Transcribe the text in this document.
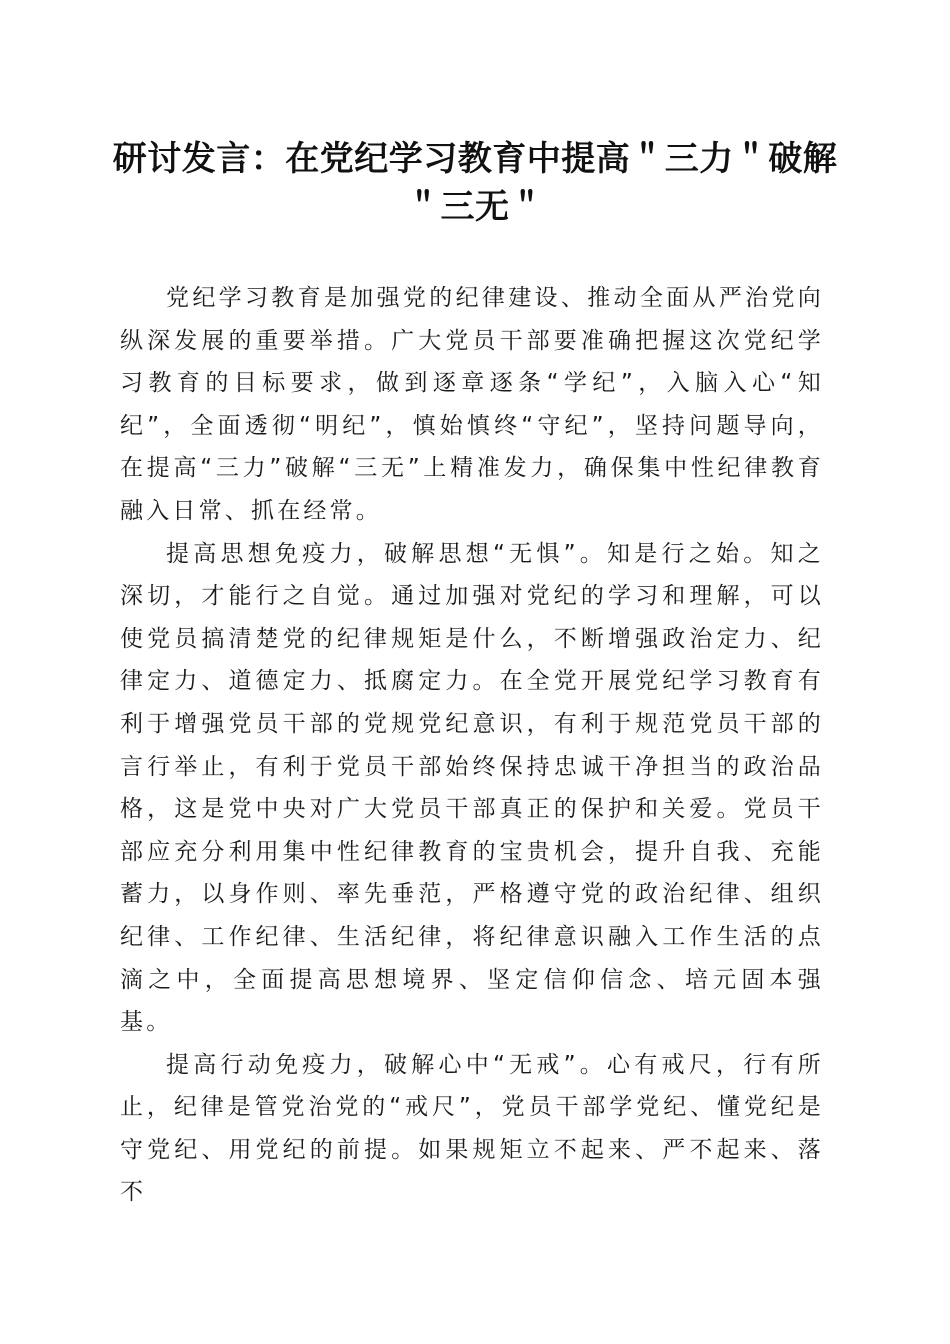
研讨发言：在党纪学习教育中提高＂三力＂破解＂三无＂

党纪学习教育是加强党的纪律建设、推动全面从严治党向纵深发展的重要举措。广大党员干部要准确把握这次党纪学习教育的目标要求，做到逐章逐条“学纪”，入脑入心“知纪”，全面透彻“明纪”，慎始慎终“守纪”，坚持问题导向，在提高“三力”破解“三无”上精准发力，确保集中性纪律教育融入日常、抓在经常。

提高思想免疫力，破解思想“无惧”。知是行之始。知之深切，才能行之自觉。通过加强对党纪的学习和理解，可以使党员搞清楚党的纪律规矩是什么，不断增强政治定力、纪律定力、道德定力、抵腐定力。在全党开展党纪学习教育有利于增强党员干部的党规党纪意识，有利于规范党员干部的言行举止，有利于党员干部始终保持忠诚干净担当的政治品格，这是党中央对广大党员干部真正的保护和关爱。党员干部应充分利用集中性纪律教育的宝贵机会，提升自我、充能蓄力，以身作则、率先垂范，严格遵守党的政治纪律、组织纪律、工作纪律、生活纪律，将纪律意识融入工作生活的点滴之中，全面提高思想境界、坚定信仰信念、培元固本强基。

提高行动免疫力，破解心中“无戒”。心有戒尺，行有所止，纪律是管党治党的“戒尺”，党员干部学党纪、懂党纪是守党纪、用党纪的前提。如果规矩立不起来、严不起来、落不
